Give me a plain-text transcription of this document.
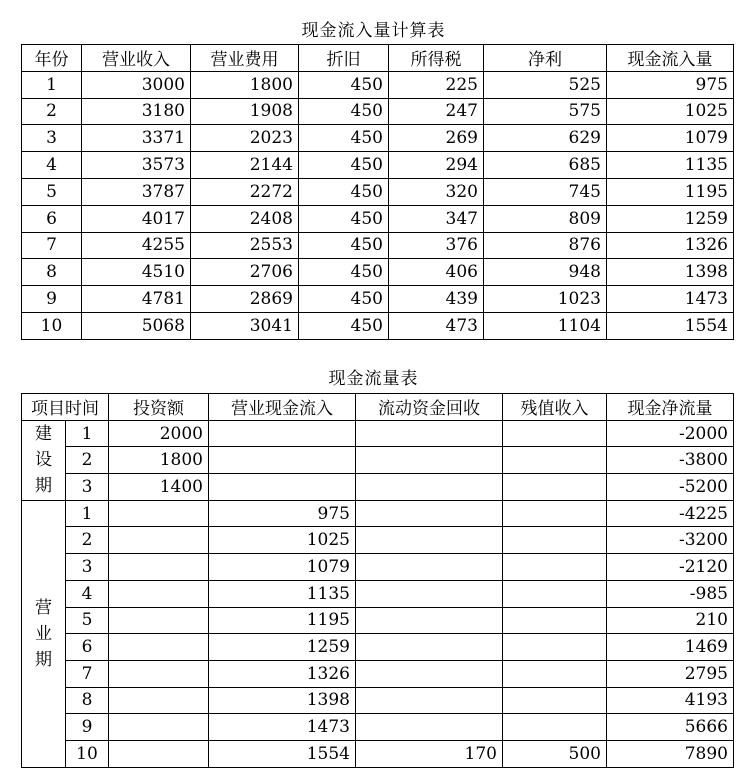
现金流入量计算表
年份	营业收入	营业费用	折旧	所得税	净利	现金流入量
1	3000	1800	450	225	525	975
2	3180	1908	450	247	575	1025
3	3371	2023	450	269	629	1079
4	3573	2144	450	294	685	1135
5	3787	2272	450	320	745	1195
6	4017	2408	450	347	809	1259
7	4255	2553	450	376	876	1326
8	4510	2706	450	406	948	1398
9	4781	2869	450	439	1023	1473
10	5068	3041	450	473	1104	1554
现金流量表
项目时间		投资额	营业现金流入	流动资金回收	残值收入	现金净流量

建
设
期	1	2000				-2000
	2	1800				-3800
	3	1400				-5200

营
业
期	1		975			-4225
	2		1025			-3200
	3		1079			-2120
	4		1135			-985
	5		1195			210
	6		1259			1469
	7		1326			2795
	8		1398			4193
	9		1473			5666
	10		1554	170	500	7890
